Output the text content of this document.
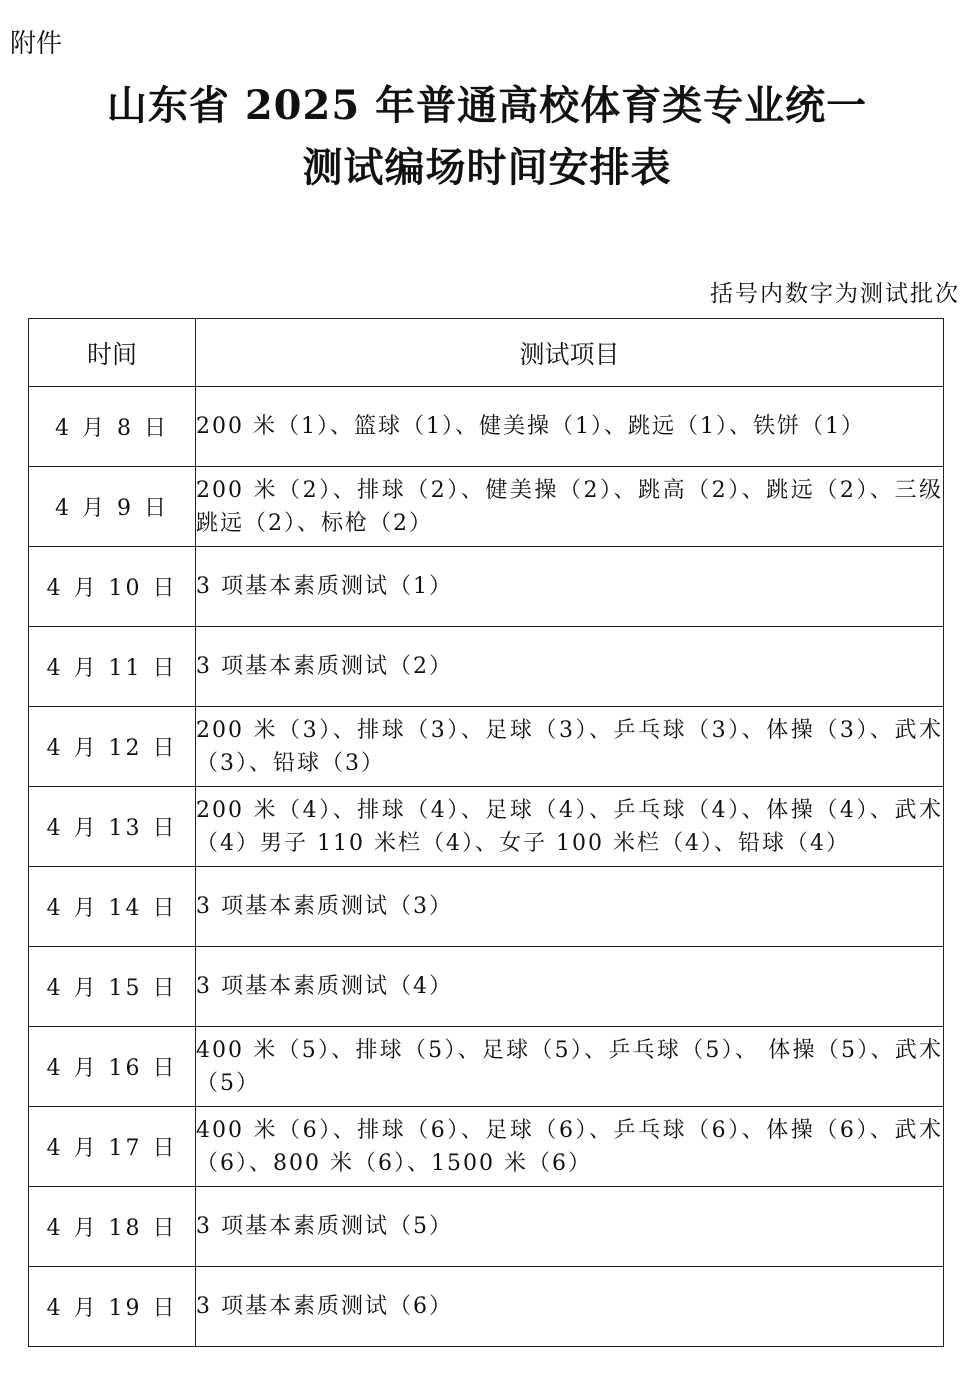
附件
山东省 2025 年普通高校体育类专业统一
测试编场时间安排表
括号内数字为测试批次
时间	测试项目
4 月 8 日	200 米（1）、篮球（1）、健美操（1）、跳远（1）、铁饼（1）
4 月 9 日	200 米（2）、排球（2）、健美操（2）、跳高（2）、跳远（2）、三级跳远（2）、标枪（2）
4 月 10 日	3 项基本素质测试（1）
4 月 11 日	3 项基本素质测试（2）
4 月 12 日	200 米（3）、排球（3）、足球（3）、乒乓球（3）、体操（3）、武术（3）、铅球（3）
4 月 13 日	200 米（4）、排球（4）、足球（4）、乒乓球（4）、体操（4）、武术（4）男子 110 米栏（4）、女子 100 米栏（4）、铅球（4）
4 月 14 日	3 项基本素质测试（3）
4 月 15 日	3 项基本素质测试（4）
4 月 16 日	400 米（5）、排球（5）、足球（5）、乒乓球（5）、 体操（5）、武术（5）
4 月 17 日	400 米（6）、排球（6）、足球（6）、乒乓球（6）、体操（6）、武术（6）、800 米（6）、1500 米（6）
4 月 18 日	3 项基本素质测试（5）
4 月 19 日	3 项基本素质测试（6）
